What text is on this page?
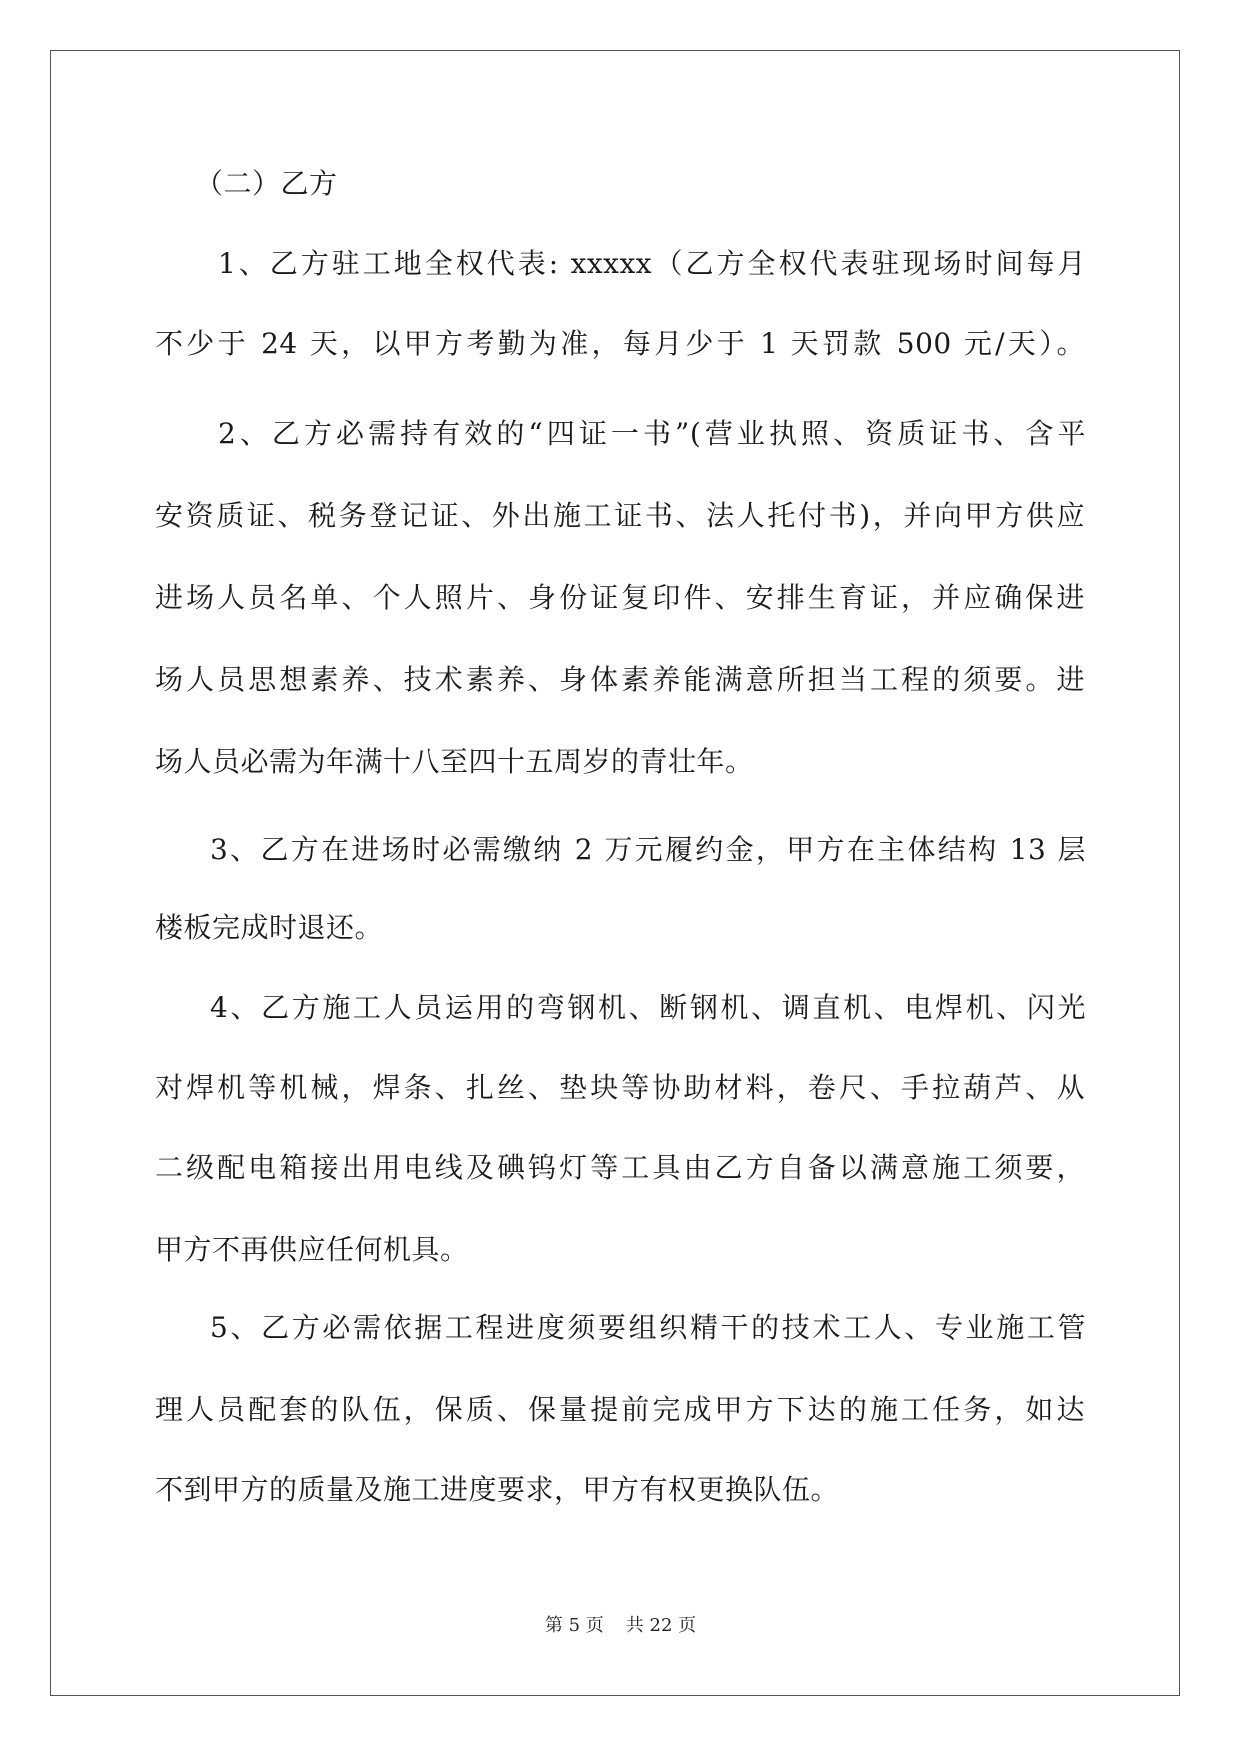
（二）乙方
1、乙方驻工地全权代表: xxxxx（乙方全权代表驻现场时间每月
不少于 24 天，以甲方考勤为准，每月少于 1 天罚款 500 元/天）。
2、乙方必需持有效的“四证一书”(营业执照、资质证书、含平
安资质证、税务登记证、外出施工证书、法人托付书)，并向甲方供应
进场人员名单、个人照片、身份证复印件、安排生育证，并应确保进
场人员思想素养、技术素养、身体素养能满意所担当工程的须要。进
场人员必需为年满十八至四十五周岁的青壮年。
3、乙方在进场时必需缴纳 2 万元履约金，甲方在主体结构 13 层
楼板完成时退还。
4、乙方施工人员运用的弯钢机、断钢机、调直机、电焊机、闪光
对焊机等机械，焊条、扎丝、垫块等协助材料，卷尺、手拉葫芦、从
二级配电箱接出用电线及碘钨灯等工具由乙方自备以满意施工须要，
甲方不再供应任何机具。
5、乙方必需依据工程进度须要组织精干的技术工人、专业施工管
理人员配套的队伍，保质、保量提前完成甲方下达的施工任务，如达
不到甲方的质量及施工进度要求，甲方有权更换队伍。
第 5 页 共 22 页
